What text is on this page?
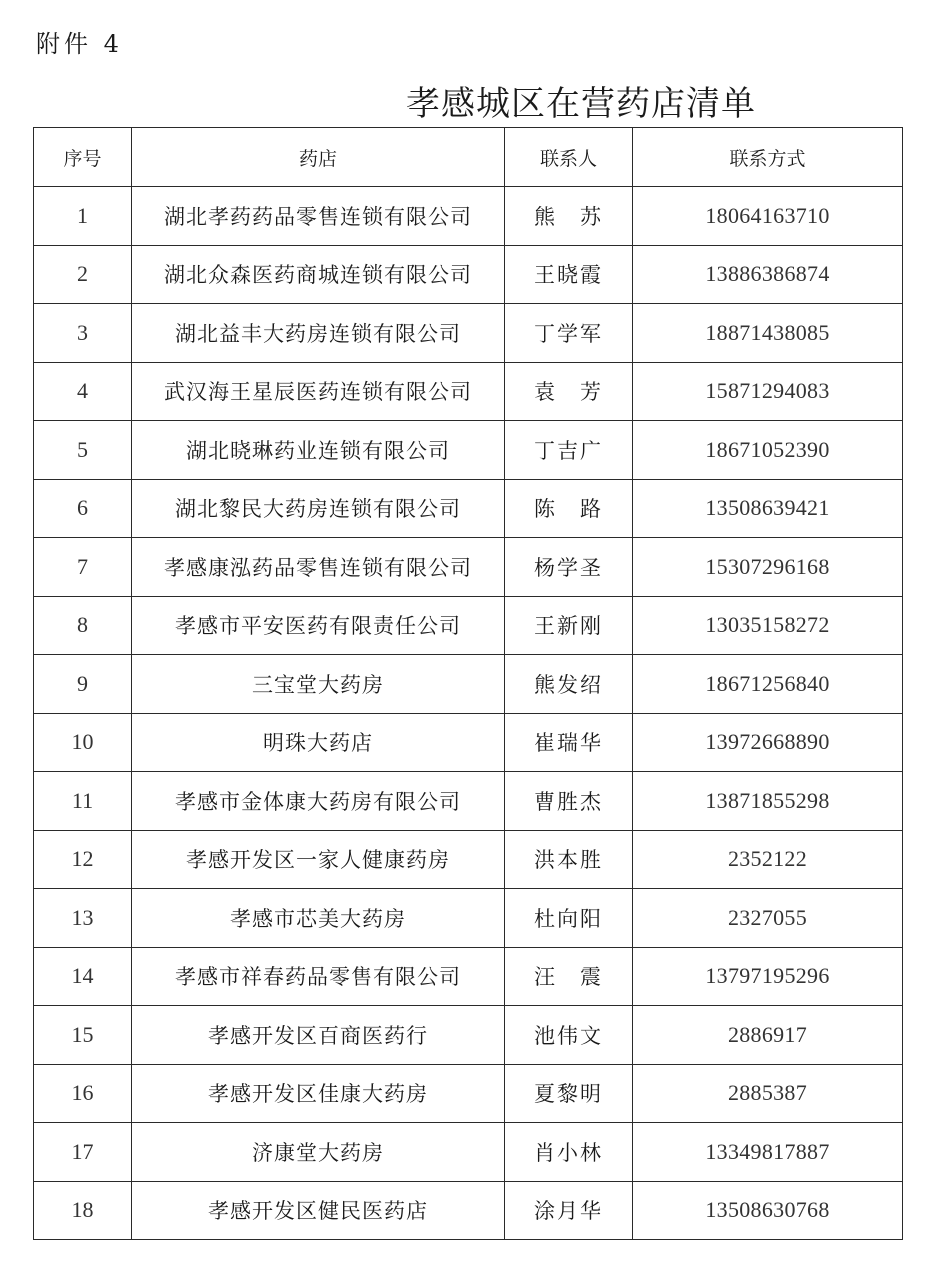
附件 4
孝感城区在营药店清单
序号	药店	联系人	联系方式
1	湖北孝药药品零售连锁有限公司	熊　苏	18064163710
2	湖北众森医药商城连锁有限公司	王晓霞	13886386874
3	湖北益丰大药房连锁有限公司	丁学军	18871438085
4	武汉海王星辰医药连锁有限公司	袁　芳	15871294083
5	湖北晓琳药业连锁有限公司	丁吉广	18671052390
6	湖北黎民大药房连锁有限公司	陈　路	13508639421
7	孝感康泓药品零售连锁有限公司	杨学圣	15307296168
8	孝感市平安医药有限责任公司	王新刚	13035158272
9	三宝堂大药房	熊发绍	18671256840
10	明珠大药店	崔瑞华	13972668890
11	孝感市金体康大药房有限公司	曹胜杰	13871855298
12	孝感开发区一家人健康药房	洪本胜	2352122
13	孝感市芯美大药房	杜向阳	2327055
14	孝感市祥春药品零售有限公司	汪　震	13797195296
15	孝感开发区百商医药行	池伟文	2886917
16	孝感开发区佳康大药房	夏黎明	2885387
17	济康堂大药房	肖小林	13349817887
18	孝感开发区健民医药店	涂月华	13508630768
